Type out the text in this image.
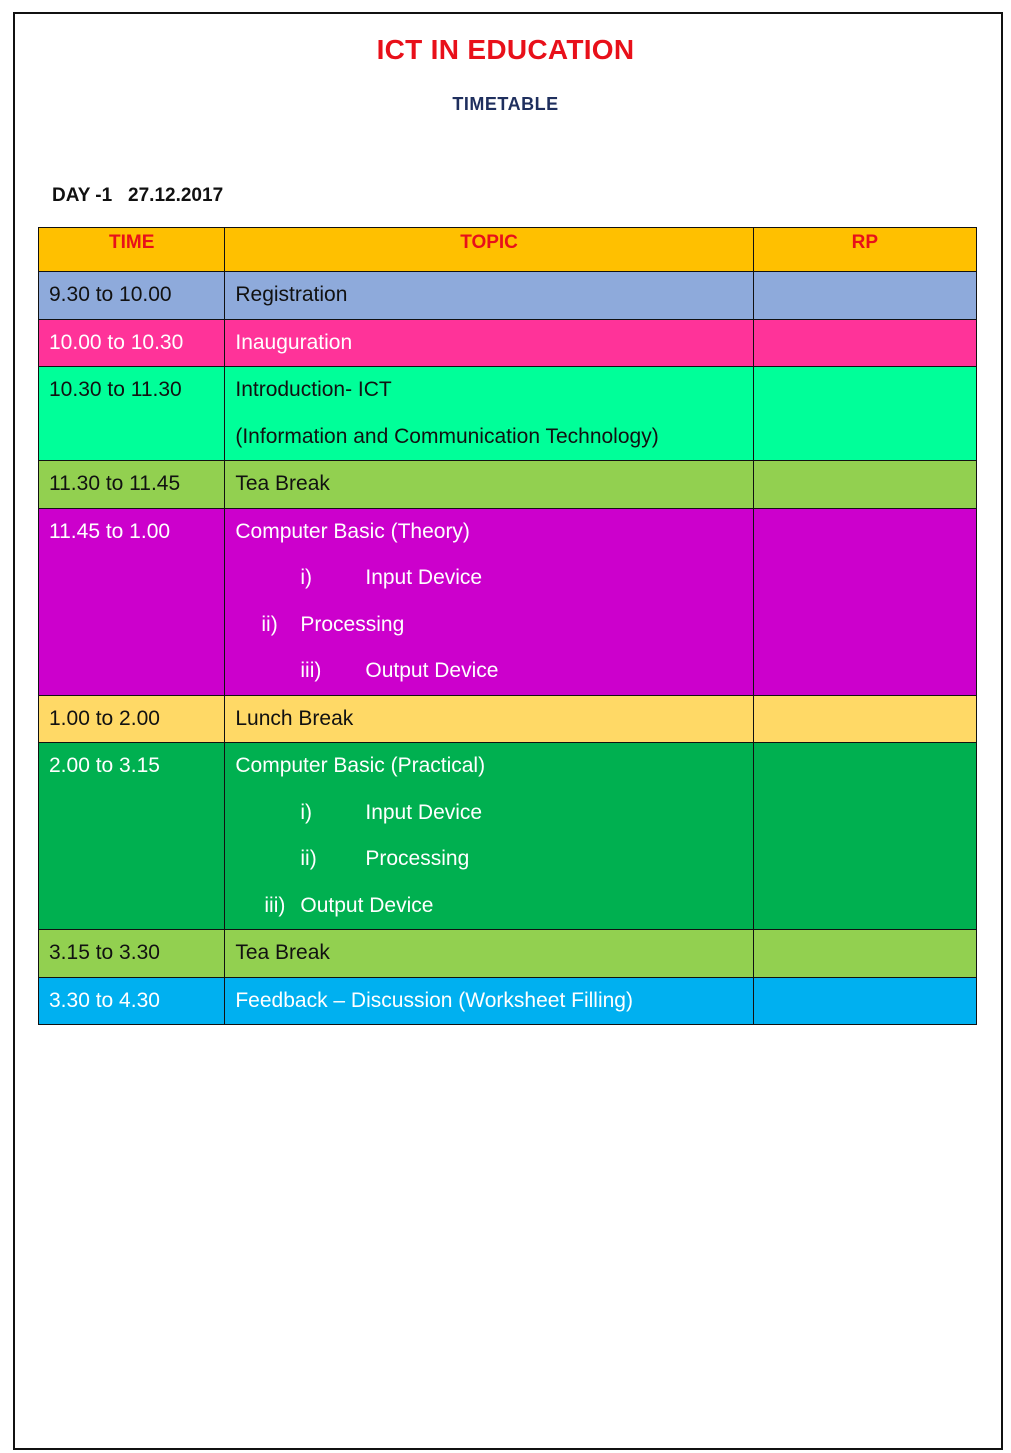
ICT IN EDUCATION
TIMETABLE
DAY -1   27.12.2017
TIME	TOPIC	RP
9.30 to 10.00	Registration	
10.00 to 10.30	Inauguration	
10.30 to 11.30	Introduction- ICT
(Information and Communication Technology)	

11.30 to 11.45	Tea Break	
11.45 to 1.00	Computer Basic (Theory)
i) Input Device
ii) Processing
iii) Output Device	

1.00 to 2.00	Lunch Break	
2.00 to 3.15	Computer Basic (Practical)
i) Input Device
ii) Processing
iii) Output Device	

3.15 to 3.30	Tea Break	
3.30 to 4.30	Feedback – Discussion (Worksheet Filling)	
